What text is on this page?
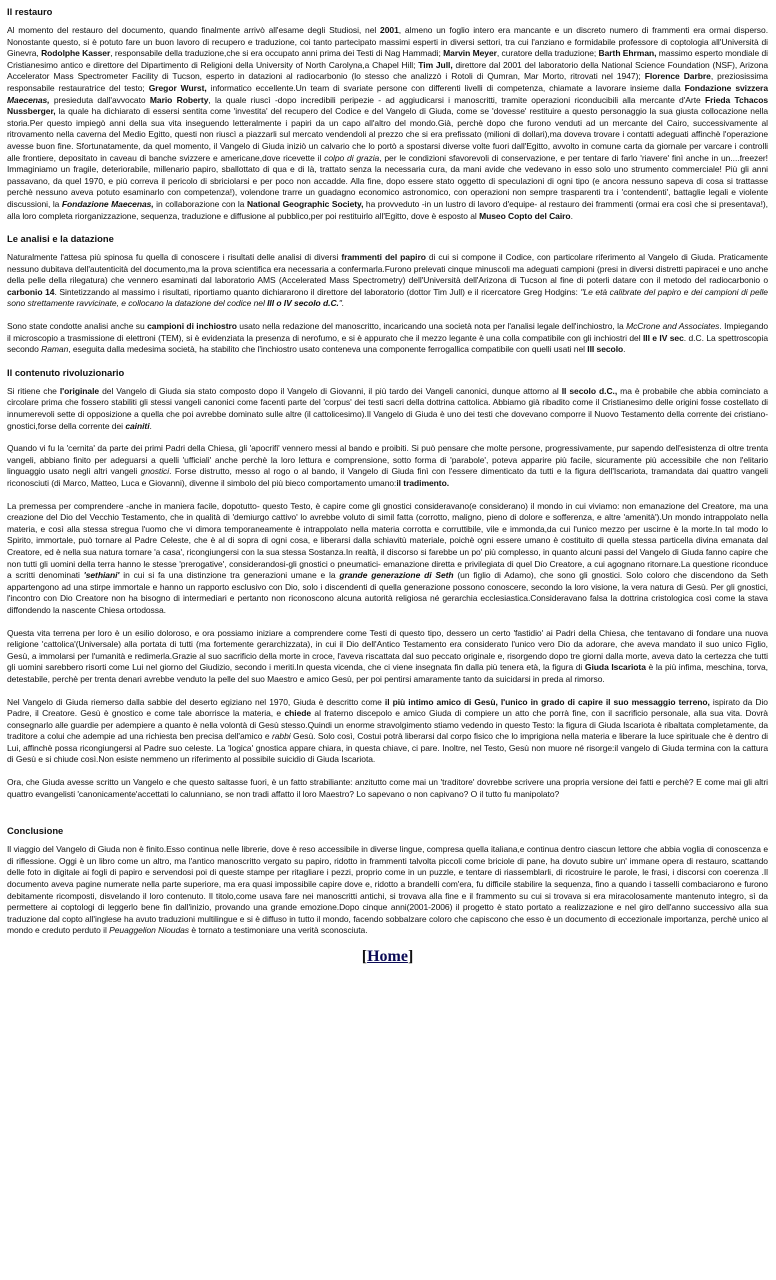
Il restauro

Al momento del restauro del documento, quando finalmente arrivò all'esame degli Studiosi, nel 2001, almeno un foglio intero era mancante e un discreto numero di frammenti era ormai disperso. Nonostante questo, si è potuto fare un buon lavoro di recupero e traduzione, coi tanto partecipato massimi esperti in diversi settori, tra cui l'anziano e formidabile professore di coptologia all'Università di Ginevra, Rodolphe Kasser, responsabile della traduzione,che si era occupato anni prima dei Testi di Nag Hammadi; Marvin Meyer, curatore della traduzione; Barth Ehrman, massimo esperto mondiale di Cristianesimo antico e direttore del Dipartimento di Religioni della University of North Carolyna,a Chapel Hill; Tim Jull, direttore dal 2001 del laboratorio della National Science Foundation (NSF), Arizona Accelerator Mass Spectrometer Facility di Tucson, esperto in datazioni al radiocarbonio (lo stesso che analizzò i Rotoli di Qumran, Mar Morto, ritrovati nel 1947); Florence Darbre, preziosissima responsabile restauratrice del testo; Gregor Wurst, informatico eccellente.Un team di svariate persone con differenti livelli di competenza, chiamate a lavorare insieme dalla Fondazione svizzera Maecenas, presieduta dall'avvocato Mario Roberty, la quale riuscì -dopo incredibili peripezie - ad aggiudicarsi i manoscritti, tramite operazioni riconducibili alla mercante d'Arte Frieda Tchacos Nussberger, la quale ha dichiarato di essersi sentita come 'investita' del recupero del Codice e del Vangelo di Giuda, come se 'dovesse' restituire a questo personaggio la sua giusta collocazione nella storia.Per questo impiegò anni della sua vita inseguendo letteralmente i papiri da un capo all'altro del mondo.Già, perchè dopo che furono venduti ad un mercante del Cairo, successivamente al ritrovamento nella caverna del Medio Egitto, questi non riuscì a piazzarli sul mercato vendendoli al prezzo che si era prefissato (milioni di dollari),ma doveva trovare i contatti adeguati affinchè l'operazione avesse buon fine. Sfortunatamente, da quel momento, il Vangelo di Giuda iniziò un calvario che lo portò a spostarsi diverse volte fuori dall'Egitto, avvolto in comune carta da giornale per varcare i controlli alle frontiere, depositato in caveau di banche svizzere e americane,dove ricevette il colpo di grazia, per le condizioni sfavorevoli di conservazione, e per tentare di farlo 'riavere' finì anche in un....freezer! Immaginiamo un fragile, deteriorabile, millenario papiro, sballottato di qua e di là, trattato senza la necessaria cura, da mani avide che vedevano in esso solo uno strumento commerciale! Più gli anni passavano, da quel 1970, e più correva il pericolo di sbriciolarsi e per poco non accadde. Alla fine, dopo essere stato oggetto di speculazioni di ogni tipo (e ancora nessuno sapeva di cosa si trattasse perchè nessuno aveva potuto esaminarlo con competenza!), volendone trarre un guadagno economico astronomico, con operazioni non sempre trasparenti tra i 'contendenti', battaglie legali e violente discussioni, la Fondazione Maecenas, in collaborazione con la National Geographic Society, ha provveduto -in un lustro di lavoro d'equipe- al restauro dei frammenti (ormai era così che si presentava!), alla loro completa riorganizzazione, sequenza, traduzione e diffusione al pubblico,per poi restituirlo all'Egitto, dove è esposto al Museo Copto del Cairo.

Le analisi e la datazione

Naturalmente l'attesa più spinosa fu quella di conoscere i risultati delle analisi di diversi frammenti del papiro di cui si compone il Codice, con particolare riferimento al Vangelo di Giuda. Praticamente nessuno dubitava dell'autenticità del documento,ma la prova scientifica era necessaria a confermarla.Furono prelevati cinque minuscoli ma adeguati campioni (presi in diversi distretti papiracei e uno anche della pelle della rilegatura) che vennero esaminati dal laboratorio AMS (Accelerated Mass Spectrometry) dell'Università dell'Arizona di Tucson al fine di poterli datare con il metodo del radiocarbonio o carbonio 14. Sintetizzando al massimo i risultati, riportiamo quanto dichiararono il direttore del laboratorio (dottor Tim Jull) e il ricercatore Greg Hodgins: "Le età calibrate del papiro e dei campioni di pelle sono strettamente ravvicinate, e collocano la datazione del codice nel III o IV secolo d.C.".

Sono state condotte analisi anche su campioni di inchiostro usato nella redazione del manoscritto, incaricando una società nota per l'analisi legale dell'inchiostro, la McCrone and Associates. Impiegando il microscopio a trasmissione di elettroni (TEM), si è evidenziata la presenza di nerofumo, e si è appurato che il mezzo legante è una colla compatibile con gli inchiostri del III e IV sec. d.C. La spettroscopia secondo Raman, eseguita dalla medesima società, ha stabilito che l'inchiostro usato conteneva una componente ferrogallica compatibile con quelli usati nel III secolo.

Il contenuto rivoluzionario

Si ritiene che l'originale del Vangelo di Giuda sia stato composto dopo il Vangelo di Giovanni, il più tardo dei Vangeli canonici, dunque attorno al II secolo d.C., ma è probabile che abbia cominciato a circolare prima che fossero stabiliti gli stessi vangeli canonici come facenti parte del 'corpus' dei testi sacri della dottrina cattolica. Abbiamo già ribadito come il Cristianesimo delle origini fosse costellato di innumerevoli sette di opposizione a quella che poi avrebbe dominato sulle altre (il cattolicesimo).Il Vangelo di Giuda è uno dei testi che dovevano comporre il Nuovo Testamento della corrente dei cristiano-gnostici,forse della corrente dei cainiti.

Quando vi fu la 'cernita' da parte dei primi Padri della Chiesa, gli 'apocrifi' vennero messi al bando e proibiti. Si può pensare che molte persone, progressivamente, pur sapendo dell'esistenza di oltre trenta vangeli, abbiano finito per adeguarsi a quelli 'ufficiali' anche perchè la loro lettura e comprensione, sotto forma di 'parabole', poteva apparire più facile, sicuramente più accessibile che non l'elitario linguaggio usato negli altri vangeli gnostici. Forse distrutto, messo al rogo o al bando, il Vangelo di Giuda finì con l'essere dimenticato da tutti e la figura dell'Iscariota, tramandata dai quattro vangeli riconosciuti (di Marco, Matteo, Luca e Giovanni), divenne il simbolo del più bieco comportamento umano:il tradimento.

La premessa per comprendere -anche in maniera facile, dopotutto- questo Testo, è capire come gli gnostici consideravano(e considerano) il mondo in cui viviamo: non emanazione del Creatore, ma una creazione del Dio del Vecchio Testamento, che in qualità di 'demiurgo cattivo' lo avrebbe voluto di simil fatta (corrotto, maligno, pieno di dolore e sofferenza, e altre 'amenità').Un mondo intrappolato nella materia, e così alla stessa stregua l'uomo che vi dimora temporaneamente è intrappolato nella materia corrotta e corruttibile, vile e immonda,da cui l'unico mezzo per uscirne è la morte.In tal modo lo Spirito, immortale, può tornare al Padre Celeste, che è al di sopra di ogni cosa, e liberarsi dalla schiavitù materiale, poichè ogni essere umano è costituito di quella stessa particella divina emanata dal Creatore, ed è nella sua natura tornare 'a casa', ricongiungersi con la sua stessa Sostanza.In realtà, il discorso si farebbe un po' più complesso, in quanto alcuni passi del Vangelo di Giuda fanno capire che non tutti gli uomini della terra hanno le stesse 'prerogative', considerandosi-gli gnostici o pneumatici- emanazione diretta e privilegiata di quel Dio Creatore, a cui agognano ritornare.La questione riconduce a scritti denominati 'sethiani' in cui si fa una distinzione tra generazioni umane e la grande generazione di Seth (un figlio di Adamo), che sono gli gnostici. Solo coloro che discendono da Seth appartengono ad una stirpe immortale e hanno un rapporto esclusivo con Dio, solo i discendenti di quella generazione possono conoscere, secondo la loro visione, la vera natura di Gesù. Per gli gnostici, l'incontro con Dio Creatore non ha bisogno di intermediari e pertanto non riconoscono alcuna autorità religiosa né gerarchia ecclesiastica.Consideravano falsa la dottrina cristologica così come la stava diffondendo la nascente Chiesa ortodossa.

Questa vita terrena per loro è un esilio doloroso, e ora possiamo iniziare a comprendere come Testi di questo tipo, dessero un certo 'fastidio' ai Padri della Chiesa, che tentavano di fondare una nuova religione 'cattolica'(Universale) alla portata di tutti (ma fortemente gerarchizzata), in cui il Dio dell'Antico Testamento era considerato l'unico vero Dio da adorare, che aveva mandato il suo unico Figlio, Gesù, a immolarsi per l'umanità e redimerla.Grazie al suo sacrificio della morte in croce, l'aveva riscattata dal suo peccato originale e, risorgendo dopo tre giorni dalla morte, aveva dato la certezza che tutti gli uomini sarebbero risorti come Lui nel giorno del Giudizio, secondo i meriti.In questa vicenda, che ci viene insegnata fin dalla più tenera età, la figura di Giuda Iscariota è la più infima, meschina, torva, detestabile, perchè per trenta denari avrebbe venduto la pelle del suo Maestro e amico Gesù, per poi pentirsi amaramente tanto da suicidarsi in preda al rimorso.

Nel Vangelo di Giuda riemerso dalla sabbie del deserto egiziano nel 1970, Giuda è descritto come il più intimo amico di Gesù, l'unico in grado di capire il suo messaggio terreno, ispirato da Dio Padre, il Creatore. Gesù è gnostico e come tale aborrisce la materia, e chiede al fraterno discepolo e amico Giuda di compiere un atto che porrà fine, con il sacrificio personale, alla sua vita. Dovrà consegnarlo alle guardie per adempiere a quanto è nella volontà di Gesù stesso.Quindi un enorme stravolgimento stiamo vedendo in questo Testo: la figura di Giuda Iscariota è ribaltata completamente, da traditore a colui che adempie ad una richiesta ben precisa dell'amico e rabbi Gesù. Solo così, Costui potrà liberarsi dal corpo fisico che lo imprigiona nella materia e liberare la luce spirituale che è dentro di Lui, affinchè possa ricongiungersi al Padre suo celeste. La 'logica' gnostica appare chiara, in questa chiave, ci pare. Inoltre, nel Testo, Gesù non muore né risorge:il vangelo di Giuda termina con la cattura di Gesù e si chiude così.Non esiste nemmeno un riferimento al possibile suicidio di Giuda Iscariota.

Ora, che Giuda avesse scritto un Vangelo e che questo saltasse fuori, è un fatto strabiliante: anzitutto come mai un 'traditore' dovrebbe scrivere una propria versione dei fatti e perchè? E come mai gli altri quattro evangelisti 'canonicamente'accettati lo calunniano, se non tradi affatto il loro Maestro? Lo sapevano o non capivano? O il tutto fu manipolato?

Conclusione

Il viaggio del Vangelo di Giuda non è finito.Esso continua nelle librerie, dove è reso accessibile in diverse lingue, compresa quella italiana,e continua dentro ciascun lettore che abbia voglia di conoscenza e di riflessione. Oggi è un libro come un altro, ma l'antico manoscritto vergato su papiro, ridotto in frammenti talvolta piccoli come briciole di pane, ha dovuto subire un' immane opera di restauro, scattando delle foto in digitale ai fogli di papiro e servendosi poi di queste stampe per ritagliare i pezzi, proprio come in un puzzle, e tentare di riassemblarli, di ricostruire le parole, le frasi, i discorsi con coerenza .Il documento aveva pagine numerate nella parte superiore, ma era quasi impossibile capire dove e, ridotto a brandelli com'era, fu difficile stabilire la sequenza, fino a quando i tasselli combaciarono e furono debitamente ricomposti, disvelando il loro contenuto. Il titolo,come usava fare nei manoscritti antichi, si trovava alla fine e il frammento su cui si trovava si era miracolosamente mantenuto integro, sì da permettere ai coptologi di leggerlo bene fin dall'inizio, provando una grande emozione.Dopo cinque anni(2001-2006) il progetto è stato portato a realizzazione e nel giro dell'anno successivo alla sua traduzione dal copto all'inglese ha avuto traduzioni multilingue e si è diffuso in tutto il mondo, facendo sobbalzare coloro che capiscono che esso è un documento di eccezionale importanza, perchè unico al mondo e creduto perduto il Peuaggelion Nioudas è tornato a testimoniare una verità sconosciuta.

[Home]
